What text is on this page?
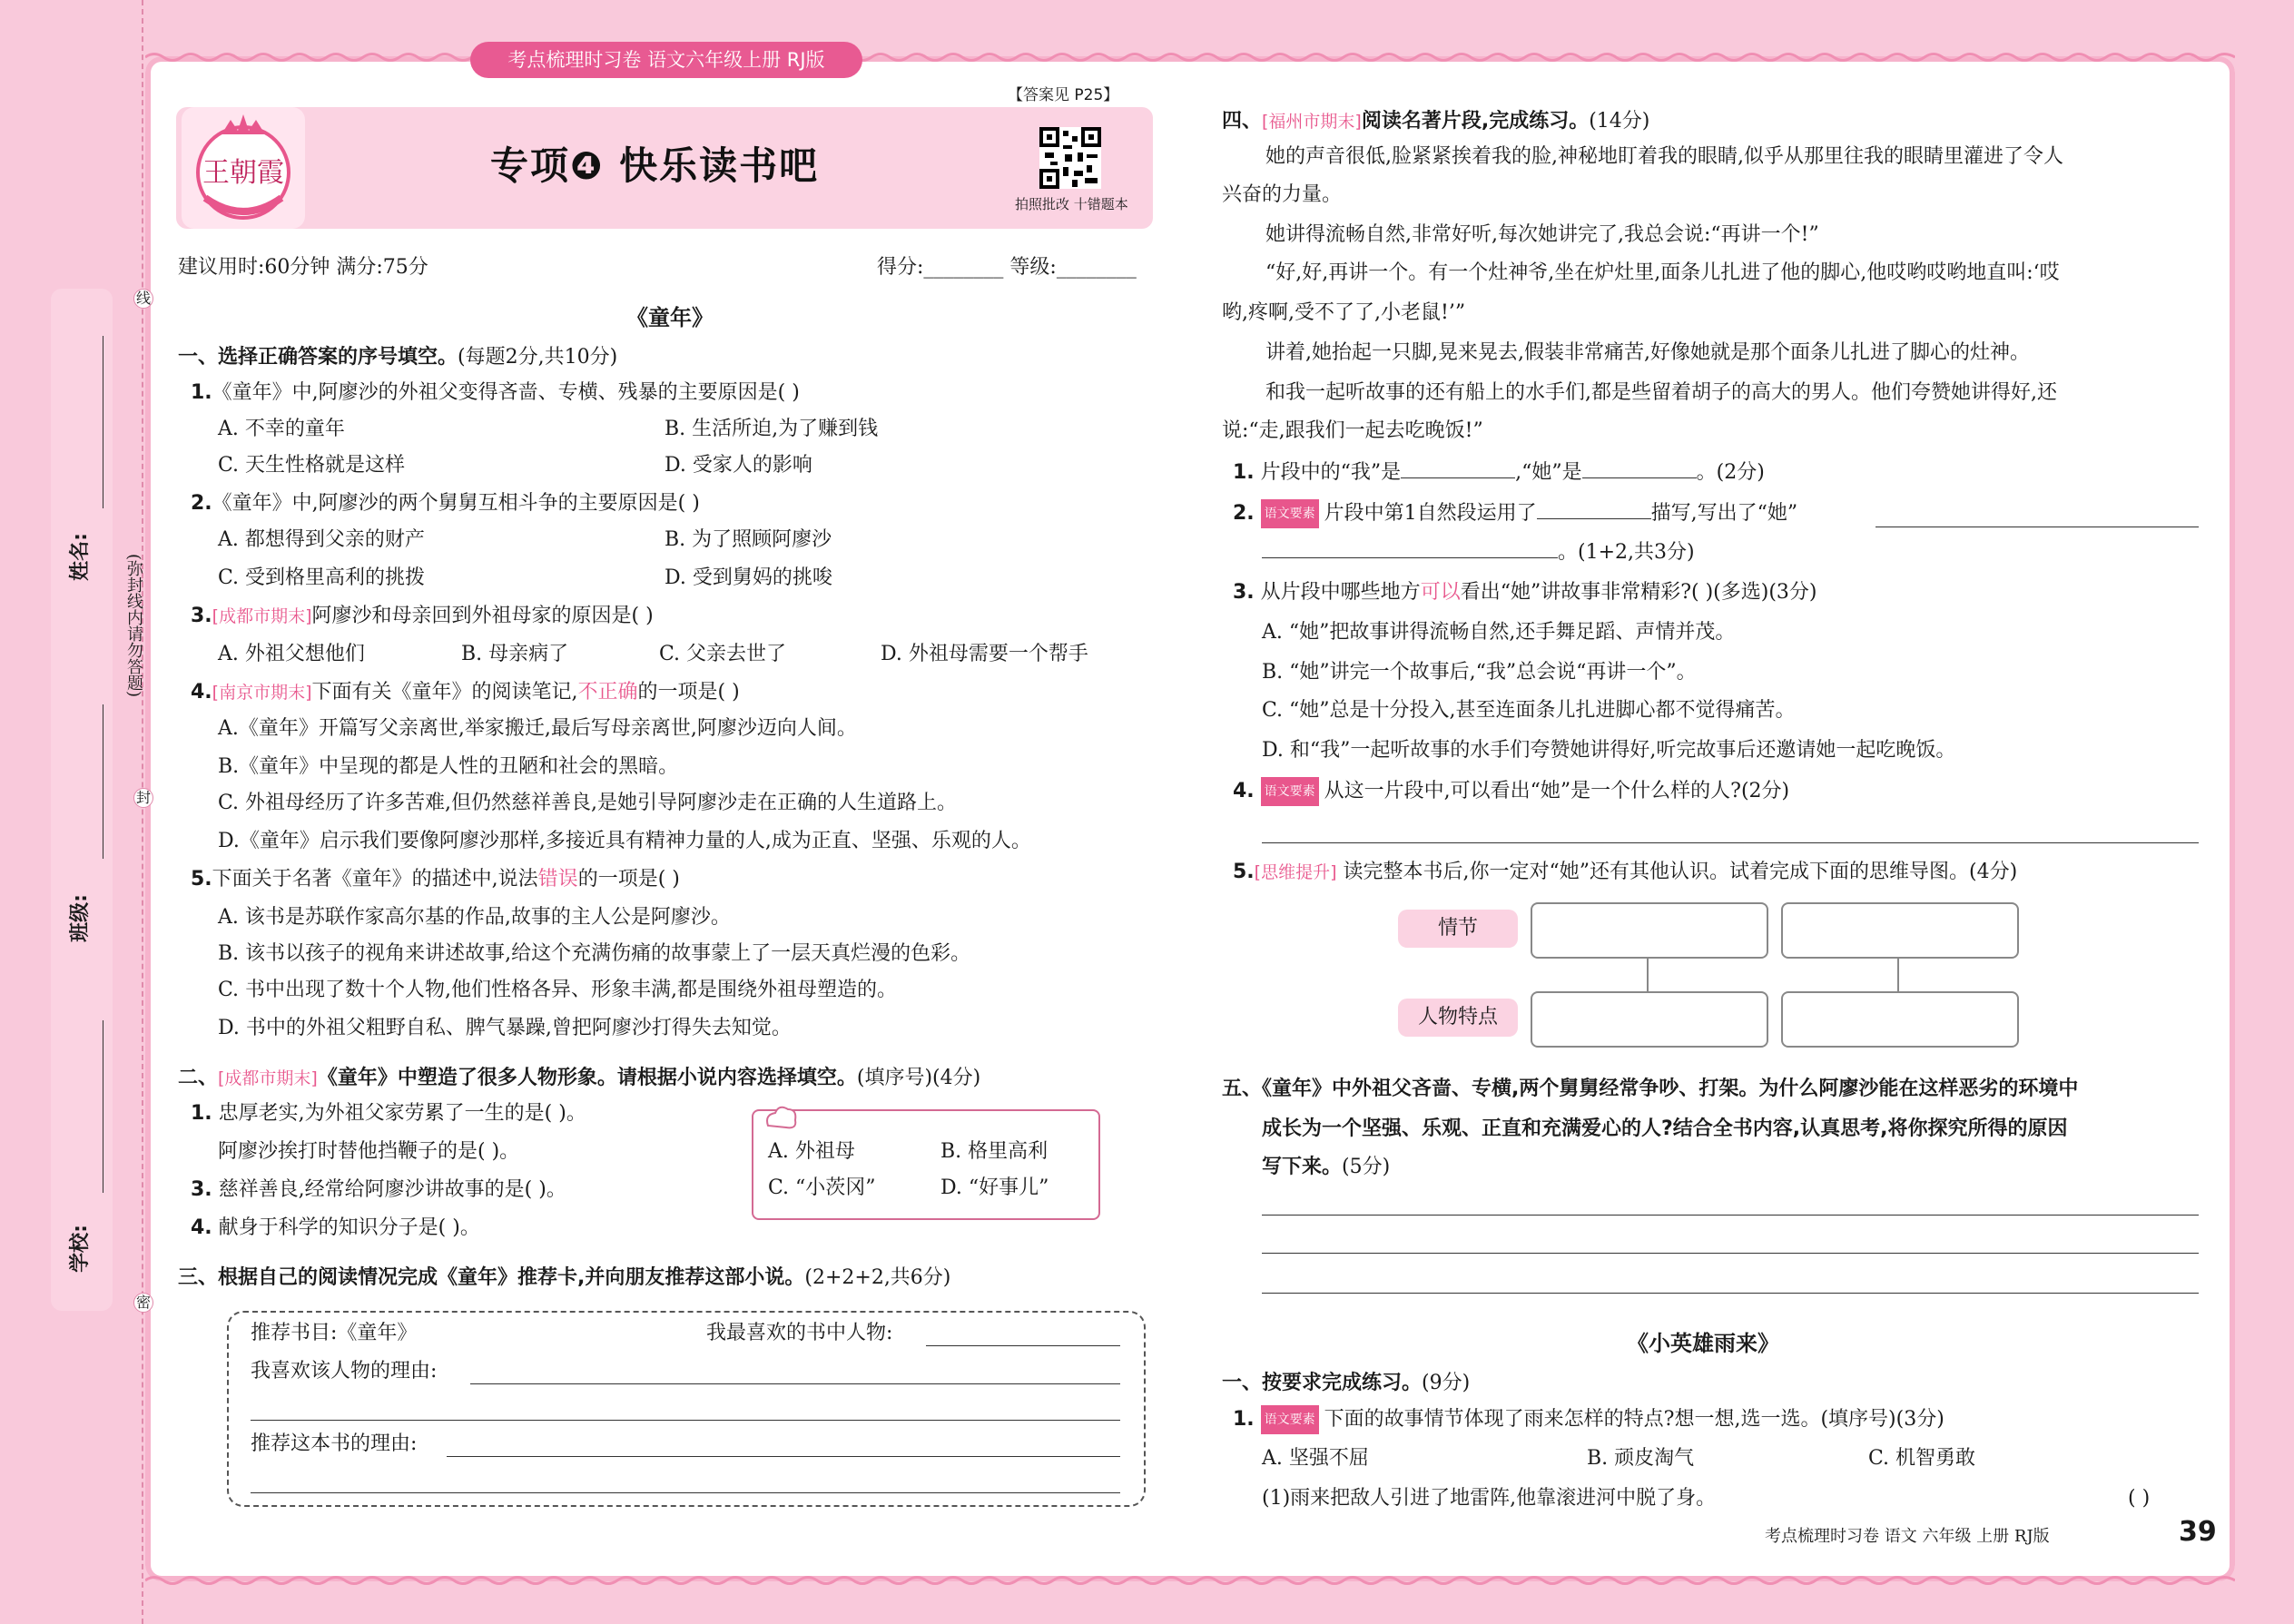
考点梳理时习卷 语文六年级上册 RJ版
王朝霞	专项❹ 快乐读书吧
【答案见 P25】
拍照批改 十错题本
建议用时:60分钟 满分:75分	得分:________ 等级:________
姓名:
班级:
学校:
(弥封线内请勿答题)
线
封
密
《童年》
一、选择正确答案的序号填空。(每题2分,共10分)
1.《童年》中,阿廖沙的外祖父变得吝啬、专横、残暴的主要原因是( )
A. 不幸的童年	B. 生活所迫,为了赚到钱
C. 天生性格就是这样	D. 受家人的影响
2.《童年》中,阿廖沙的两个舅舅互相斗争的主要原因是( )
A. 都想得到父亲的财产	B. 为了照顾阿廖沙
C. 受到格里高利的挑拨	D. 受到舅妈的挑唆
3.[成都市期末]阿廖沙和母亲回到外祖母家的原因是( )
A. 外祖父想他们	B. 母亲病了	C. 父亲去世了	D. 外祖母需要一个帮手
4.[南京市期末]下面有关《童年》的阅读笔记,不正确的一项是( )
A.《童年》开篇写父亲离世,举家搬迁,最后写母亲离世,阿廖沙迈向人间。
B.《童年》中呈现的都是人性的丑陋和社会的黑暗。
C. 外祖母经历了许多苦难,但仍然慈祥善良,是她引导阿廖沙走在正确的人生道路上。
D.《童年》启示我们要像阿廖沙那样,多接近具有精神力量的人,成为正直、坚强、乐观的人。
5.下面关于名著《童年》的描述中,说法错误的一项是( )
A. 该书是苏联作家高尔基的作品,故事的主人公是阿廖沙。
B. 该书以孩子的视角来讲述故事,给这个充满伤痛的故事蒙上了一层天真烂漫的色彩。
C. 书中出现了数十个人物,他们性格各异、形象丰满,都是围绕外祖母塑造的。
D. 书中的外祖父粗野自私、脾气暴躁,曾把阿廖沙打得失去知觉。
二、[成都市期末]《童年》中塑造了很多人物形象。请根据小说内容选择填空。(填序号)(4分)
1. 忠厚老实,为外祖父家劳累了一生的是( )。
阿廖沙挨打时替他挡鞭子的是( )。
3. 慈祥善良,经常给阿廖沙讲故事的是( )。
4. 献身于科学的知识分子是( )。
A. 外祖母	B. 格里高利
C. “小茨冈”	D. “好事儿”
三、根据自己的阅读情况完成《童年》推荐卡,并向朋友推荐这部小说。(2+2+2,共6分)
推荐书目:《童年》	我最喜欢的书中人物:
我喜欢该人物的理由:
推荐这本书的理由:
四、[福州市期末]阅读名著片段,完成练习。(14分)
她的声音很低,脸紧紧挨着我的脸,神秘地盯着我的眼睛,似乎从那里往我的眼睛里灌进了令人
兴奋的力量。
她讲得流畅自然,非常好听,每次她讲完了,我总会说:“再讲一个!”
“好,好,再讲一个。有一个灶神爷,坐在炉灶里,面条儿扎进了他的脚心,他哎哟哎哟地直叫:‘哎
哟,疼啊,受不了了,小老鼠!’”
讲着,她抬起一只脚,晃来晃去,假装非常痛苦,好像她就是那个面条儿扎进了脚心的灶神。
和我一起听故事的还有船上的水手们,都是些留着胡子的高大的男人。他们夸赞她讲得好,还
说:“走,跟我们一起去吃晚饭!”
1. 片段中的“我”是	,“她”是	。(2分)
2. 语文要素 片段中第1自然段运用了	描写,写出了“她”
。(1+2,共3分)
3. 从片段中哪些地方可以看出“她”讲故事非常精彩?( )(多选)(3分)
A. “她”把故事讲得流畅自然,还手舞足蹈、声情并茂。
B. “她”讲完一个故事后,“我”总会说“再讲一个”。
C. “她”总是十分投入,甚至连面条儿扎进脚心都不觉得痛苦。
D. 和“我”一起听故事的水手们夸赞她讲得好,听完故事后还邀请她一起吃晚饭。
4. 语文要素 从这一片段中,可以看出“她”是一个什么样的人?(2分)
5.[思维提升] 读完整本书后,你一定对“她”还有其他认识。试着完成下面的思维导图。(4分)
情节
人物特点
五、《童年》中外祖父吝啬、专横,两个舅舅经常争吵、打架。为什么阿廖沙能在这样恶劣的环境中
成长为一个坚强、乐观、正直和充满爱心的人?结合全书内容,认真思考,将你探究所得的原因
写下来。(5分)
《小英雄雨来》
一、按要求完成练习。(9分)
1. 语文要素 下面的故事情节体现了雨来怎样的特点?想一想,选一选。(填序号)(3分)
A. 坚强不屈	B. 顽皮淘气	C. 机智勇敢
(1)雨来把敌人引进了地雷阵,他靠滚进河中脱了身。	( )
考点梳理时习卷 语文 六年级 上册 RJ版	39
